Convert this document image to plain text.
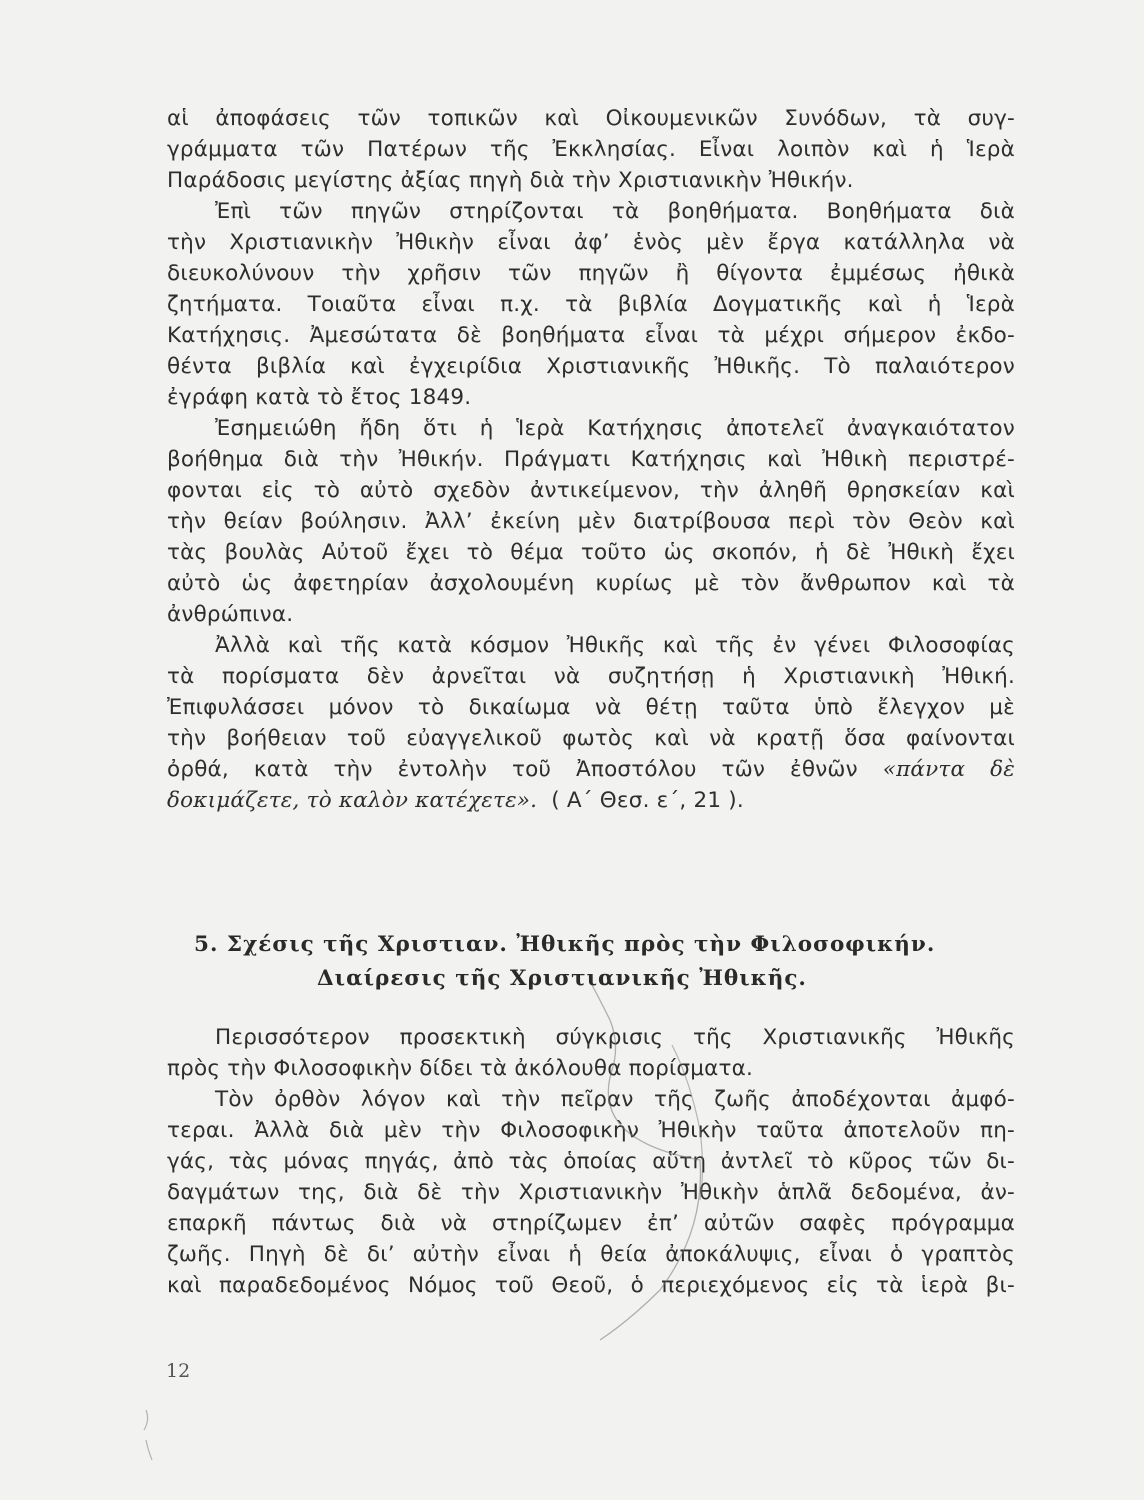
αἱ ἀποφάσεις τῶν τοπικῶν καὶ Οἰκουμενικῶν Συνόδων, τὰ συγ-
γράμματα τῶν Πατέρων τῆς Ἐκκλησίας. Εἶναι λοιπὸν καὶ ἡ Ἱερὰ
Παράδοσις μεγίστης ἀξίας πηγὴ διὰ τὴν Χριστιανικὴν Ἠθικήν.
Ἐπὶ τῶν πηγῶν στηρίζονται τὰ βοηθήματα. Βοηθήματα διὰ
τὴν Χριστιανικὴν Ἠθικὴν εἶναι ἀφ’ ἑνὸς μὲν ἔργα κατάλληλα νὰ
διευκολύνουν τὴν χρῆσιν τῶν πηγῶν ἢ θίγοντα ἐμμέσως ἠθικὰ
ζητήματα. Τοιαῦτα εἶναι π.χ. τὰ βιβλία Δογματικῆς καὶ ἡ Ἱερὰ
Κατήχησις. Ἀμεσώτατα δὲ βοηθήματα εἶναι τὰ μέχρι σήμερον ἐκδο-
θέντα βιβλία καὶ ἐγχειρίδια Χριστιανικῆς Ἠθικῆς. Τὸ παλαιότερον
ἐγράφη κατὰ τὸ ἔτος 1849.
Ἐσημειώθη ἤδη ὅτι ἡ Ἱερὰ Κατήχησις ἀποτελεῖ ἀναγκαιότατον
βοήθημα διὰ τὴν Ἠθικήν. Πράγματι Κατήχησις καὶ Ἠθικὴ περιστρέ-
φονται εἰς τὸ αὐτὸ σχεδὸν ἀντικείμενον, τὴν ἀληθῆ θρησκείαν καὶ
τὴν θείαν βούλησιν. Ἀλλ’ ἐκείνη μὲν διατρίβουσα περὶ τὸν Θεὸν καὶ
τὰς βουλὰς Αὐτοῦ ἔχει τὸ θέμα τοῦτο ὡς σκοπόν, ἡ δὲ Ἠθικὴ ἔχει
αὐτὸ ὡς ἀφετηρίαν ἀσχολουμένη κυρίως μὲ τὸν ἄνθρωπον καὶ τὰ
ἀνθρώπινα.
Ἀλλὰ καὶ τῆς κατὰ κόσμον Ἠθικῆς καὶ τῆς ἐν γένει Φιλοσοφίας
τὰ πορίσματα δὲν ἀρνεῖται νὰ συζητήσῃ ἡ Χριστιανικὴ Ἠθική.
Ἐπιφυλάσσει μόνον τὸ δικαίωμα νὰ θέτῃ ταῦτα ὑπὸ ἔλεγχον μὲ
τὴν βοήθειαν τοῦ εὐαγγελικοῦ φωτὸς καὶ νὰ κρατῇ ὅσα φαίνονται
ὀρθά, κατὰ τὴν ἐντολὴν τοῦ Ἀποστόλου τῶν ἐθνῶν «πάντα δὲ
δοκιμάζετε, τὸ καλὸν κατέχετε». ( Α΄ Θεσ. ε΄, 21 ).
5. Σχέσις τῆς Χριστιαν. Ἠθικῆς πρὸς τὴν Φιλοσοφικήν.
Διαίρεσις τῆς Χριστιανικῆς Ἠθικῆς.
Περισσότερον προσεκτικὴ σύγκρισις τῆς Χριστιανικῆς Ἠθικῆς
πρὸς τὴν Φιλοσοφικὴν δίδει τὰ ἀκόλουθα πορίσματα.
Τὸν ὀρθὸν λόγον καὶ τὴν πεῖραν τῆς ζωῆς ἀποδέχονται ἀμφό-
τεραι. Ἀλλὰ διὰ μὲν τὴν Φιλοσοφικὴν Ἠθικὴν ταῦτα ἀποτελοῦν πη-
γάς, τὰς μόνας πηγάς, ἀπὸ τὰς ὁποίας αὕτη ἀντλεῖ τὸ κῦρος τῶν δι-
δαγμάτων της, διὰ δὲ τὴν Χριστιανικὴν Ἠθικὴν ἁπλᾶ δεδομένα, ἀν-
επαρκῆ πάντως διὰ νὰ στηρίζωμεν ἐπ’ αὐτῶν σαφὲς πρόγραμμα
ζωῆς. Πηγὴ δὲ δι’ αὐτὴν εἶναι ἡ θεία ἀποκάλυψις, εἶναι ὁ γραπτὸς
καὶ παραδεδομένος Νόμος τοῦ Θεοῦ, ὁ περιεχόμενος εἰς τὰ ἱερὰ βι-
12
